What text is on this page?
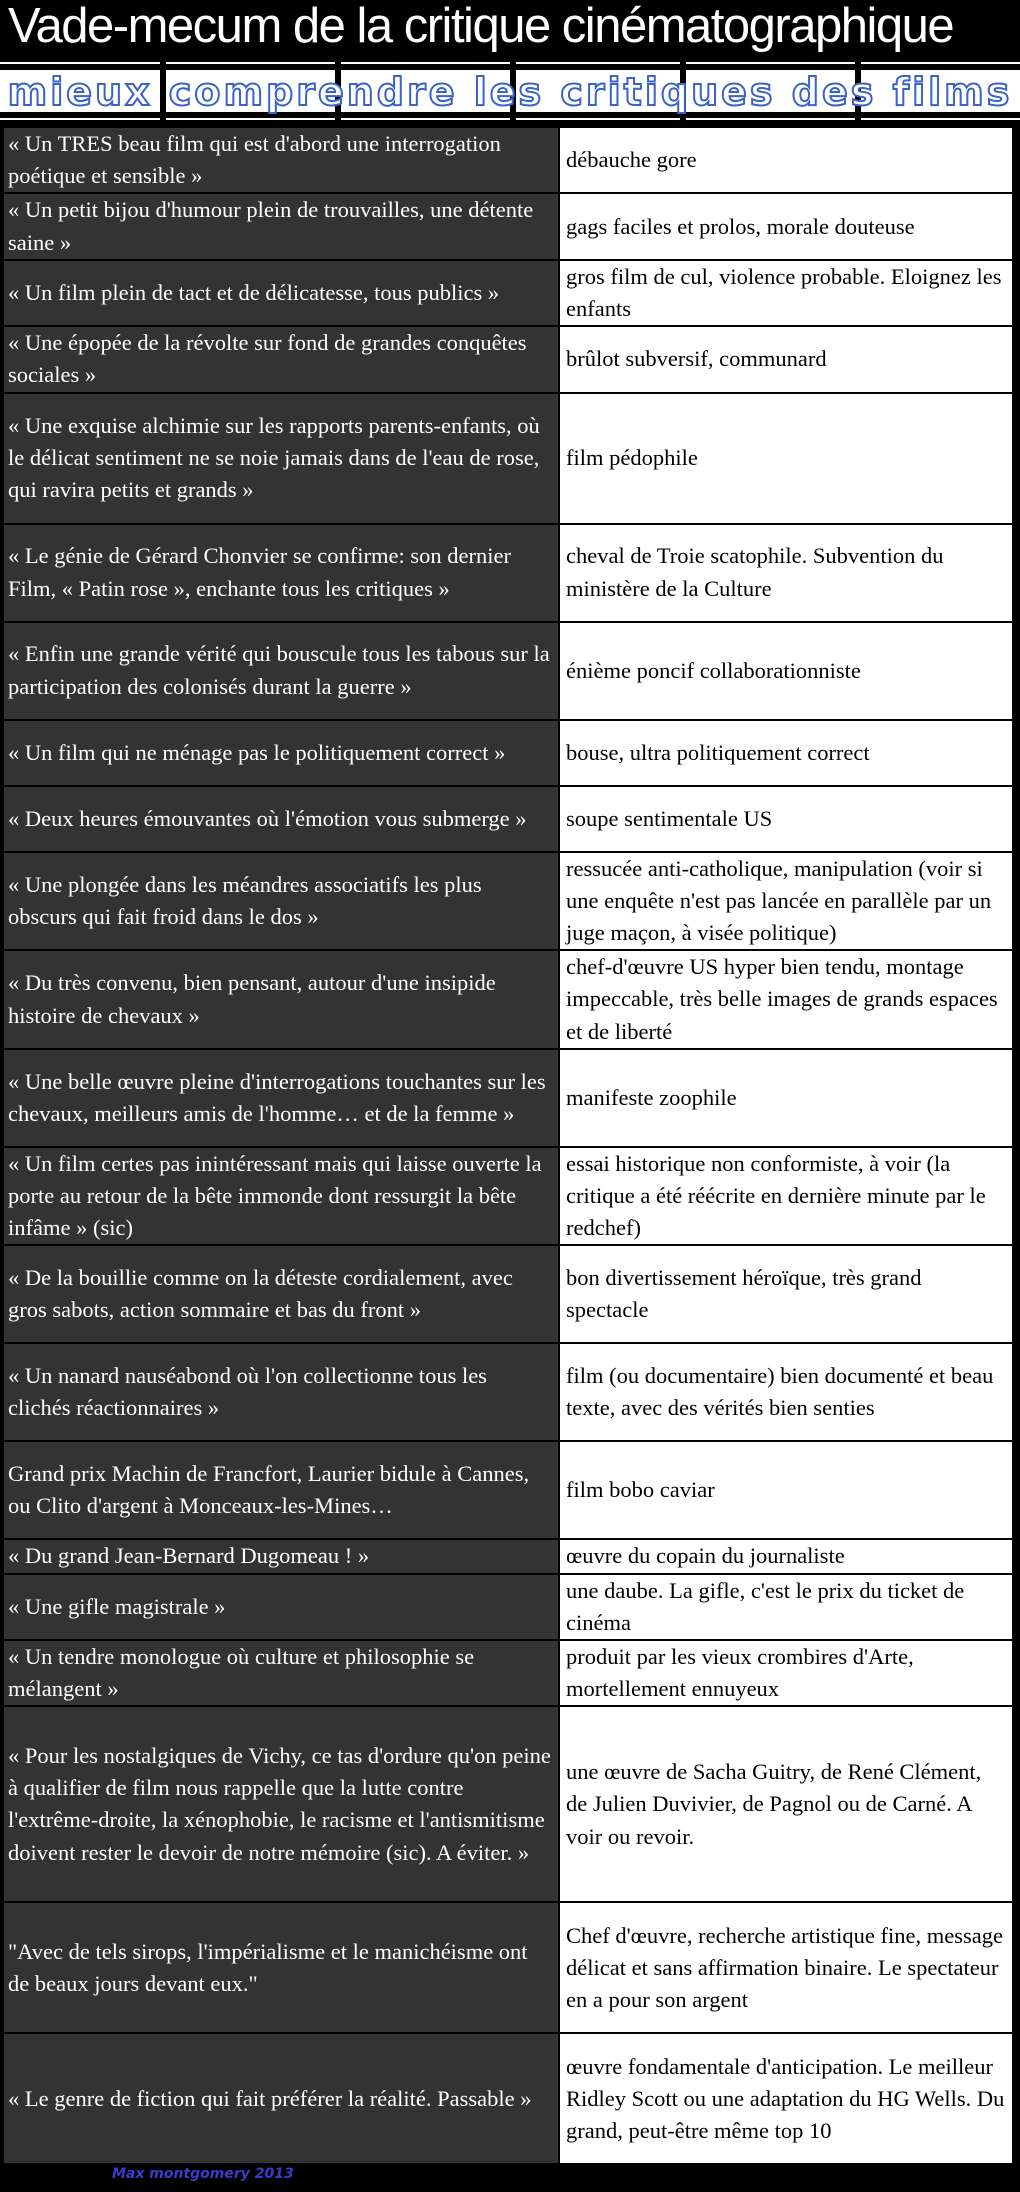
Vade-mecum de la critique cinématographique
mieux comprendre les critiques des films
« Un TRES beau film qui est d'abord une interrogation poétique et sensible »	débauche gore
« Un petit bijou d'humour plein de trouvailles, une détente saine »	gags faciles et prolos, morale douteuse
« Un film plein de tact et de délicatesse, tous publics »	gros film de cul, violence probable. Eloignez les enfants
« Une épopée de la révolte sur fond de grandes conquêtes sociales »	brûlot subversif, communard
« Une exquise alchimie sur les rapports parents-enfants, où le délicat sentiment ne se noie jamais dans de l'eau de rose, qui ravira petits et grands »	film pédophile
« Le génie de Gérard Chonvier se confirme: son dernier Film, « Patin rose », enchante tous les critiques »	cheval de Troie scatophile. Subvention du ministère de la Culture
« Enfin une grande vérité qui bouscule tous les tabous sur la participation des colonisés durant la guerre »	énième poncif collaborationniste
« Un film qui ne ménage pas le politiquement correct »	bouse, ultra politiquement correct
« Deux heures émouvantes où l'émotion vous submerge »	soupe sentimentale US
« Une plongée dans les méandres associatifs les plus obscurs qui fait froid dans le dos »	ressucée anti-catholique, manipulation (voir si une enquête n'est pas lancée en parallèle par un juge maçon, à visée politique)
« Du très convenu, bien pensant, autour d'une insipide histoire de chevaux »	chef-d'œuvre US hyper bien tendu, montage impeccable, très belle images de grands espaces et de liberté
« Une belle œuvre pleine d'interrogations touchantes sur les chevaux, meilleurs amis de l'homme… et de la femme »	manifeste zoophile
« Un film certes pas inintéressant mais qui laisse ouverte la porte au retour de la bête immonde dont ressurgit la bête infâme » (sic)	essai historique non conformiste, à voir (la critique a été réécrite en dernière minute par le redchef)
« De la bouillie comme on la déteste cordialement, avec gros sabots, action sommaire et bas du front »	bon divertissement héroïque, très grand spectacle
« Un nanard nauséabond où l'on collectionne tous les clichés réactionnaires »	film (ou documentaire) bien documenté et beau texte, avec des vérités bien senties
Grand prix Machin de Francfort, Laurier bidule à Cannes, ou Clito d'argent à Monceaux-les-Mines…	film bobo caviar
« Du grand Jean-Bernard Dugomeau ! »	œuvre du copain du journaliste
« Une gifle magistrale »	une daube. La gifle, c'est le prix du ticket de cinéma
« Un tendre monologue où culture et philosophie se mélangent »	produit par les vieux crombires d'Arte, mortellement ennuyeux
« Pour les nostalgiques de Vichy, ce tas d'ordure qu'on peine à qualifier de film nous rappelle que la lutte contre l'extrême-droite, la xénophobie, le racisme et l'antismitisme doivent rester le devoir de notre mémoire (sic). A éviter. »	une œuvre de Sacha Guitry, de René Clément, de Julien Duvivier, de Pagnol ou de Carné. A voir ou revoir.
"Avec de tels sirops, l'impérialisme et le manichéisme ont de beaux jours devant eux."	Chef d'œuvre, recherche artistique fine, message délicat et sans affirmation binaire. Le spectateur en a pour son argent
« Le genre de fiction qui fait préférer la réalité. Passable »	œuvre fondamentale d'anticipation. Le meilleur Ridley Scott ou une adaptation du HG Wells. Du grand, peut-être même top 10
Max montgomery 2013
